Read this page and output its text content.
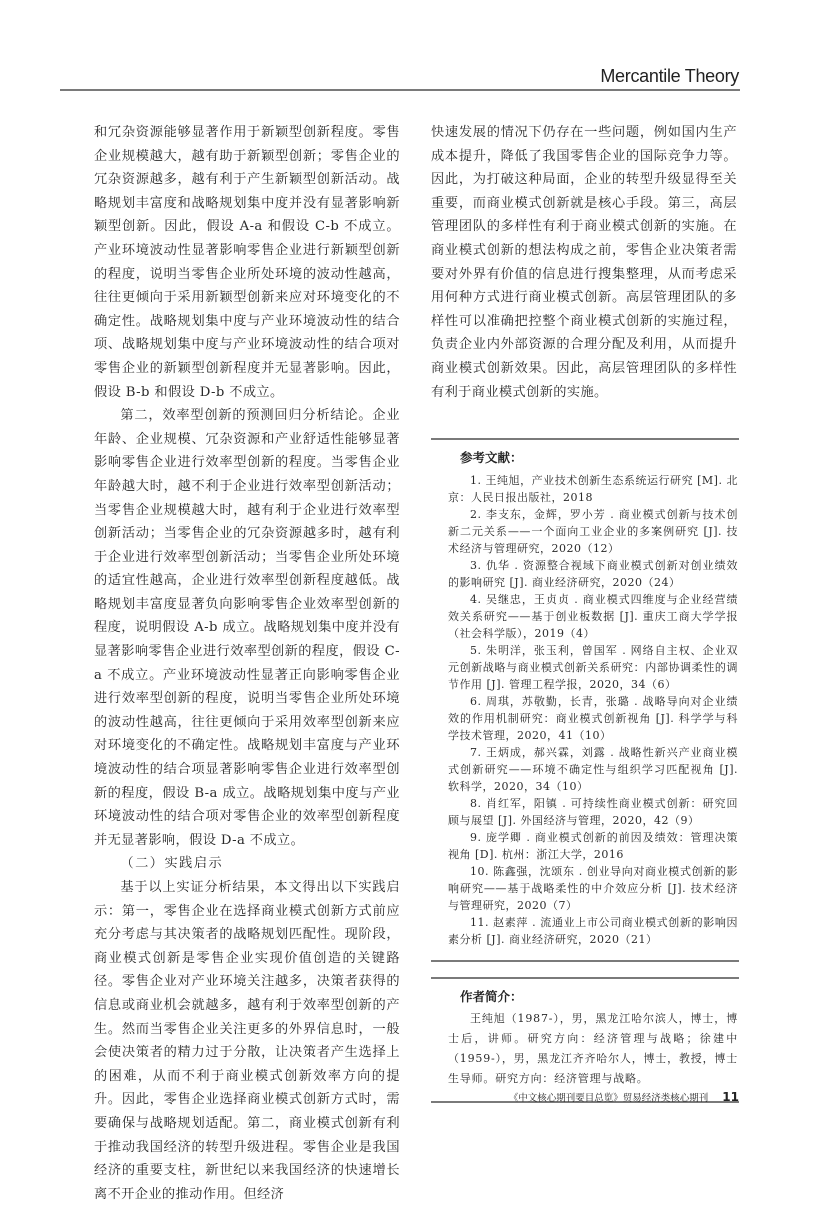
Mercantile Theory

和冗杂资源能够显著作用于新颖型创新程度。零售企业规模越大，越有助于新颖型创新；零售企业的冗杂资源越多，越有利于产生新颖型创新活动。战略规划丰富度和战略规划集中度并没有显著影响新颖型创新。因此，假设 A-a 和假设 C-b 不成立。产业环境波动性显著影响零售企业进行新颖型创新的程度，说明当零售企业所处环境的波动性越高，往往更倾向于采用新颖型创新来应对环境变化的不确定性。战略规划集中度与产业环境波动性的结合项、战略规划集中度与产业环境波动性的结合项对零售企业的新颖型创新程度并无显著影响。因此，假设 B-b 和假设 D-b 不成立。

第二，效率型创新的预测回归分析结论。企业年龄、企业规模、冗杂资源和产业舒适性能够显著影响零售企业进行效率型创新的程度。当零售企业年龄越大时，越不利于企业进行效率型创新活动；当零售企业规模越大时，越有利于企业进行效率型创新活动；当零售企业的冗杂资源越多时，越有利于企业进行效率型创新活动；当零售企业所处环境的适宜性越高，企业进行效率型创新程度越低。战略规划丰富度显著负向影响零售企业效率型创新的程度，说明假设 A-b 成立。战略规划集中度并没有显著影响零售企业进行效率型创新的程度，假设 C-a 不成立。产业环境波动性显著正向影响零售企业进行效率型创新的程度，说明当零售企业所处环境的波动性越高，往往更倾向于采用效率型创新来应对环境变化的不确定性。战略规划丰富度与产业环境波动性的结合项显著影响零售企业进行效率型创新的程度，假设 B-a 成立。战略规划集中度与产业环境波动性的结合项对零售企业的效率型创新程度并无显著影响，假设 D-a 不成立。

（二）实践启示

基于以上实证分析结果，本文得出以下实践启示：第一，零售企业在选择商业模式创新方式前应充分考虑与其决策者的战略规划匹配性。现阶段，商业模式创新是零售企业实现价值创造的关键路径。零售企业对产业环境关注越多，决策者获得的信息或商业机会就越多，越有利于效率型创新的产生。然而当零售企业关注更多的外界信息时，一般会使决策者的精力过于分散，让决策者产生选择上的困难，从而不利于商业模式创新效率方向的提升。因此，零售企业选择商业模式创新方式时，需要确保与战略规划适配。第二，商业模式创新有利于推动我国经济的转型升级进程。零售企业是我国经济的重要支柱，新世纪以来我国经济的快速增长离不开企业的推动作用。但经济

快速发展的情况下仍存在一些问题，例如国内生产成本提升，降低了我国零售企业的国际竞争力等。因此，为打破这种局面，企业的转型升级显得至关重要，而商业模式创新就是核心手段。第三，高层管理团队的多样性有利于商业模式创新的实施。在商业模式创新的想法构成之前，零售企业决策者需要对外界有价值的信息进行搜集整理，从而考虑采用何种方式进行商业模式创新。高层管理团队的多样性可以准确把控整个商业模式创新的实施过程，负责企业内外部资源的合理分配及利用，从而提升商业模式创新效果。因此，高层管理团队的多样性有利于商业模式创新的实施。

参考文献：

1. 王纯旭，产业技术创新生态系统运行研究 [M]. 北京：人民日报出版社，2018

2. 李支东，金辉，罗小芳 . 商业模式创新与技术创新二元关系——一个面向工业企业的多案例研究 [J]. 技术经济与管理研究，2020（12）

3. 仇华 . 资源整合视域下商业模式创新对创业绩效的影响研究 [J]. 商业经济研究，2020（24）

4. 吴继忠，王贞贞 . 商业模式四维度与企业经营绩效关系研究——基于创业板数据 [J]. 重庆工商大学学报（社会科学版），2019（4）

5. 朱明洋，张玉利，曾国军 . 网络自主权、企业双元创新战略与商业模式创新关系研究：内部协调柔性的调节作用 [J]. 管理工程学报，2020，34（6）

6. 周琪，苏敬勤，长青，张璐 . 战略导向对企业绩效的作用机制研究：商业模式创新视角 [J]. 科学学与科学技术管理，2020，41（10）

7. 王炳成，郝兴霖，刘露 . 战略性新兴产业商业模式创新研究——环境不确定性与组织学习匹配视角 [J]. 软科学，2020，34（10）

8. 肖红军，阳镇 . 可持续性商业模式创新：研究回顾与展望 [J]. 外国经济与管理，2020，42（9）

9. 庞学卿 . 商业模式创新的前因及绩效：管理决策视角 [D]. 杭州：浙江大学，2016

10. 陈鑫强，沈颂东 . 创业导向对商业模式创新的影响研究——基于战略柔性的中介效应分析 [J]. 技术经济与管理研究，2020（7）

11. 赵素萍 . 流通业上市公司商业模式创新的影响因素分析 [J]. 商业经济研究，2020（21）

作者简介：

王纯旭（1987-），男，黑龙江哈尔滨人，博士，博士后，讲师。研究方向：经济管理与战略；徐建中（1959-），男，黑龙江齐齐哈尔人，博士，教授，博士生导师。研究方向：经济管理与战略。

《中文核心期刊要目总览》贸易经济类核心期刊 11
